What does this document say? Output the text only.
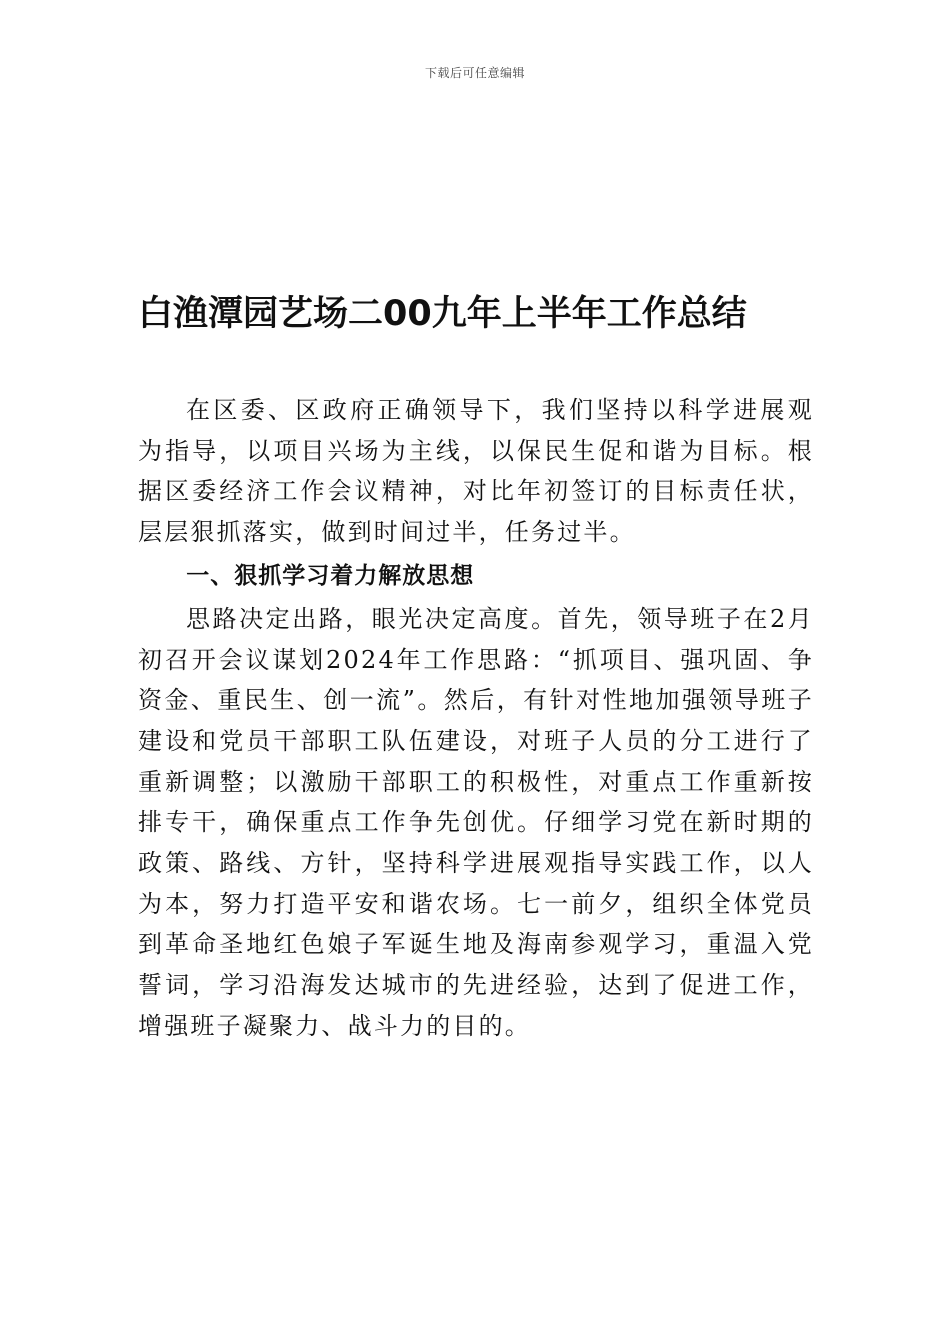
下载后可任意编辑
白渔潭园艺场二00九年上半年工作总结

在区委、区政府正确领导下，我们坚持以科学进展观为指导，以项目兴场为主线，以保民生促和谐为目标。根据区委经济工作会议精神，对比年初签订的目标责任状，层层狠抓落实，做到时间过半，任务过半。

一、狠抓学习着力解放思想

思路决定出路，眼光决定高度。首先，领导班子在2月初召开会议谋划2024年工作思路：“抓项目、强巩固、争资金、重民生、创一流”。然后，有针对性地加强领导班子建设和党员干部职工队伍建设，对班子人员的分工进行了重新调整；以激励干部职工的积极性，对重点工作重新按排专干，确保重点工作争先创优。仔细学习党在新时期的政策、路线、方针，坚持科学进展观指导实践工作，以人为本，努力打造平安和谐农场。七一前夕，组织全体党员到革命圣地红色娘子军诞生地及海南参观学习，重温入党誓词，学习沿海发达城市的先进经验，达到了促进工作，增强班子凝聚力、战斗力的目的。
